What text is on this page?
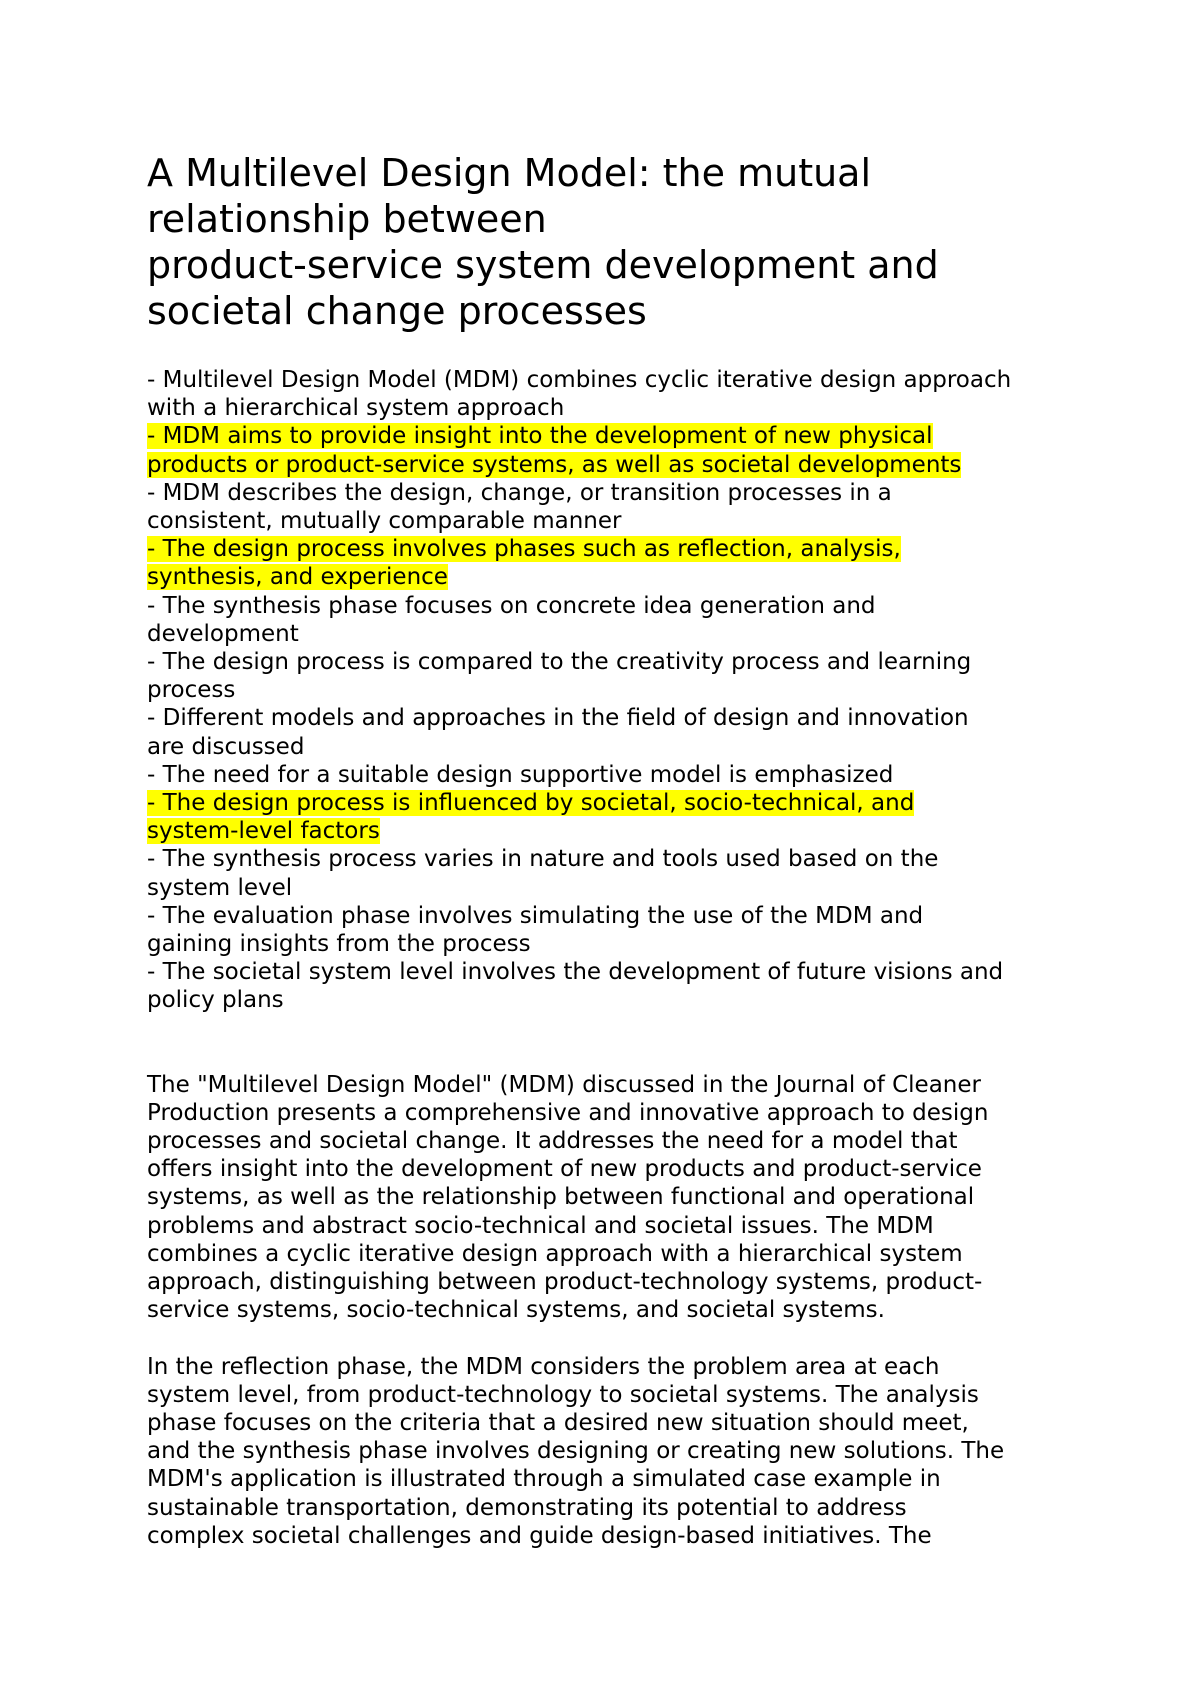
A Multilevel Design Model: the mutual
relationship between
product-service system development and
societal change processes
- Multilevel Design Model (MDM) combines cyclic iterative design approach
with a hierarchical system approach
- MDM aims to provide insight into the development of new physical
products or product-service systems, as well as societal developments
- MDM describes the design, change, or transition processes in a
consistent, mutually comparable manner
- The design process involves phases such as reflection, analysis,
synthesis, and experience
- The synthesis phase focuses on concrete idea generation and
development
- The design process is compared to the creativity process and learning
process
- Different models and approaches in the field of design and innovation
are discussed
- The need for a suitable design supportive model is emphasized
- The design process is influenced by societal, socio-technical, and
system-level factors
- The synthesis process varies in nature and tools used based on the
system level
- The evaluation phase involves simulating the use of the MDM and
gaining insights from the process
- The societal system level involves the development of future visions and
policy plans
The "Multilevel Design Model" (MDM) discussed in the Journal of Cleaner
Production presents a comprehensive and innovative approach to design
processes and societal change. It addresses the need for a model that
offers insight into the development of new products and product-service
systems, as well as the relationship between functional and operational
problems and abstract socio-technical and societal issues. The MDM
combines a cyclic iterative design approach with a hierarchical system
approach, distinguishing between product-technology systems, product-
service systems, socio-technical systems, and societal systems.
In the reflection phase, the MDM considers the problem area at each
system level, from product-technology to societal systems. The analysis
phase focuses on the criteria that a desired new situation should meet,
and the synthesis phase involves designing or creating new solutions. The
MDM's application is illustrated through a simulated case example in
sustainable transportation, demonstrating its potential to address
complex societal challenges and guide design-based initiatives. The
